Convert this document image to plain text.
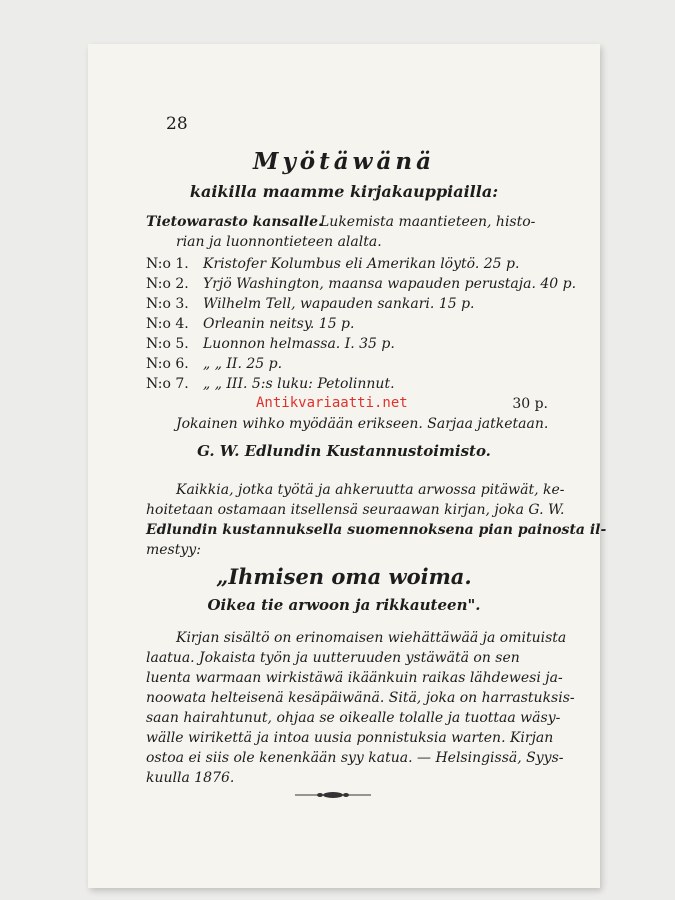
28
Myötäwänä
kaikilla maamme kirjakauppiailla:
Tietowarasto kansalle.
Lukemista maantieteen, histo-
rian ja luonnontieteen alalta.
N:o 1. Kristofer Kolumbus eli Amerikan löytö. 25 p.
N:o 2. Yrjö Washington, maansa wapauden perustaja. 40 p.
N:o 3. Wilhelm Tell, wapauden sankari. 15 p.
N:o 4. Orleanin neitsy. 15 p.
N:o 5. Luonnon helmassa. I. 35 p.
N:o 6. „ „ II. 25 p.
N:o 7. „ „ III. 5:s luku: Petolinnut.
30 p.
Jokainen wihko myödään erikseen. Sarjaa jatketaan.
Antikvariaatti.net
G. W. Edlundin Kustannustoimisto.
Kaikkia, jotka työtä ja ahkeruutta arwossa pitäwät, ke-
hoitetaan ostamaan itsellensä seuraawan kirjan, joka G. W.
Edlundin kustannuksella suomennoksena pian painosta il-
mestyy:
„Ihmisen oma woima.
Oikea tie arwoon ja rikkauteen".
Kirjan sisältö on erinomaisen wiehättäwää ja omituista
laatua. Jokaista työn ja uutteruuden ystäwätä on sen
luenta warmaan wirkistäwä ikäänkuin raikas lähdewesi ja-
noowata helteisenä kesäpäiwänä. Sitä, joka on harrastuksis-
saan hairahtunut, ohjaa se oikealle tolalle ja tuottaa wäsy-
wälle wirikettä ja intoa uusia ponnistuksia warten. Kirjan
ostoa ei siis ole kenenkään syy katua. — Helsingissä, Syys-
kuulla 1876.
